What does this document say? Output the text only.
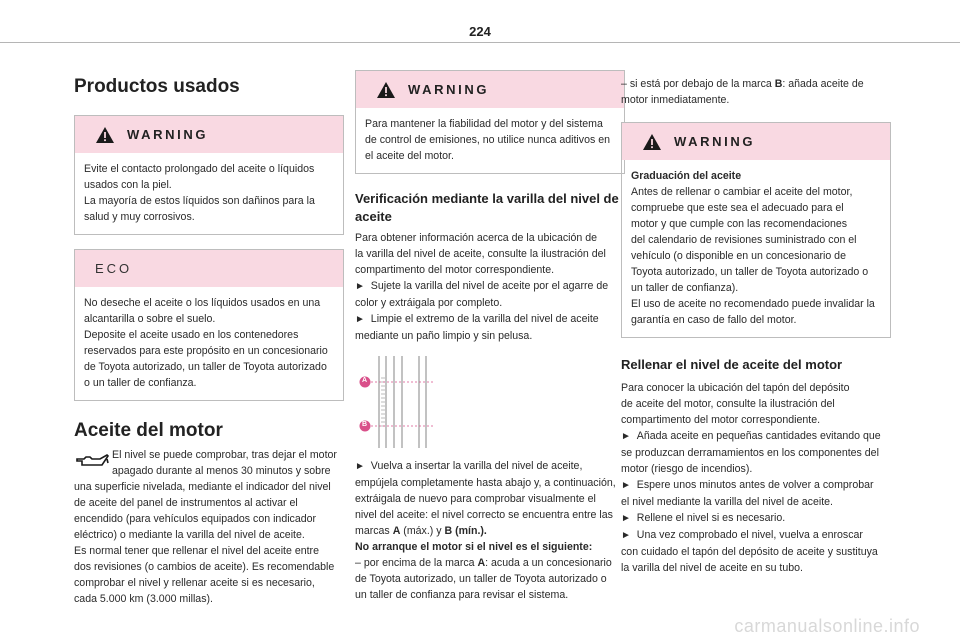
224
Productos usados
WARNING
Evite el contacto prolongado del aceite o líquidos
usados con la piel.
La mayoría de estos líquidos son dañinos para la
salud y muy corrosivos.
ECO
No deseche el aceite o los líquidos usados en una
alcantarilla o sobre el suelo.
Deposite el aceite usado en los contenedores
reservados para este propósito en un concesionario
de Toyota autorizado, un taller de Toyota autorizado
o un taller de confianza.
Aceite del motor
El nivel se puede comprobar, tras dejar el motor
apagado durante al menos 30 minutos y sobre
una superficie nivelada, mediante el indicador del nivel
de aceite del panel de instrumentos al activar el
encendido (para vehículos equipados con indicador
eléctrico) o mediante la varilla del nivel de aceite.
Es normal tener que rellenar el nivel del aceite entre
dos revisiones (o cambios de aceite). Es recomendable
comprobar el nivel y rellenar aceite si es necesario,
cada 5.000 km (3.000 millas).
WARNING
Para mantener la fiabilidad del motor y del sistema
de control de emisiones, no utilice nunca aditivos en
el aceite del motor.
Verificación mediante la varilla del nivel de
aceite
Para obtener información acerca de la ubicación de
la varilla del nivel de aceite, consulte la ilustración del
compartimento del motor correspondiente.
► Sujete la varilla del nivel de aceite por el agarre de
color y extráigala por completo.
► Limpie el extremo de la varilla del nivel de aceite
mediante un paño limpio y sin pelusa.
A
B
► Vuelva a insertar la varilla del nivel de aceite,
empújela completamente hasta abajo y, a continuación,
extráigala de nuevo para comprobar visualmente el
nivel del aceite: el nivel correcto se encuentra entre las
marcas A (máx.) y B (mín.).
No arranque el motor si el nivel es el siguiente:
– por encima de la marca A: acuda a un concesionario
de Toyota autorizado, un taller de Toyota autorizado o
un taller de confianza para revisar el sistema.
– si está por debajo de la marca B: añada aceite de
motor inmediatamente.
WARNING
Graduación del aceite
Antes de rellenar o cambiar el aceite del motor,
compruebe que este sea el adecuado para el
motor y que cumple con las recomendaciones
del calendario de revisiones suministrado con el
vehículo (o disponible en un concesionario de
Toyota autorizado, un taller de Toyota autorizado o
un taller de confianza).
El uso de aceite no recomendado puede invalidar la
garantía en caso de fallo del motor.
Rellenar el nivel de aceite del motor
Para conocer la ubicación del tapón del depósito
de aceite del motor, consulte la ilustración del
compartimento del motor correspondiente.
► Añada aceite en pequeñas cantidades evitando que
se produzcan derramamientos en los componentes del
motor (riesgo de incendios).
► Espere unos minutos antes de volver a comprobar
el nivel mediante la varilla del nivel de aceite.
► Rellene el nivel si es necesario.
► Una vez comprobado el nivel, vuelva a enroscar
con cuidado el tapón del depósito de aceite y sustituya
la varilla del nivel de aceite en su tubo.
carmanualsonline.info
